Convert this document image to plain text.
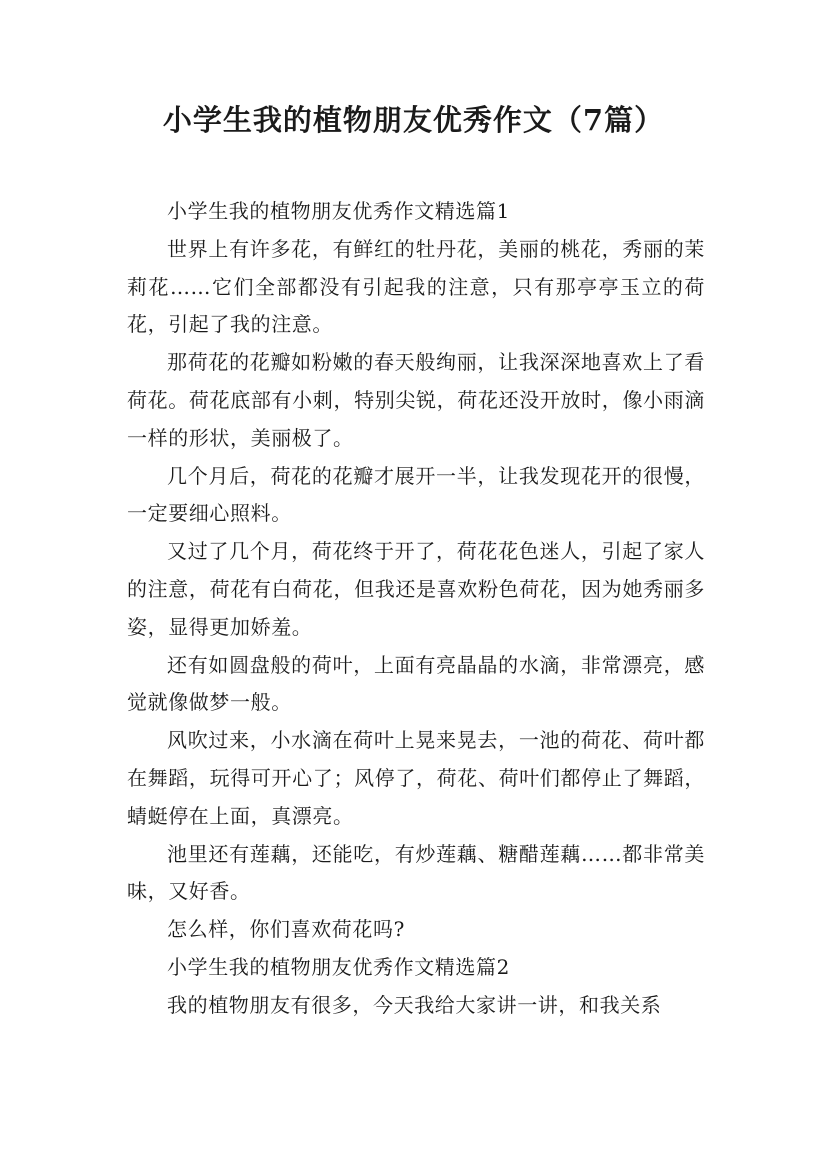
小学生我的植物朋友优秀作文（7篇）

小学生我的植物朋友优秀作文精选篇1

世界上有许多花，有鲜红的牡丹花，美丽的桃花，秀丽的茉莉花……它们全部都没有引起我的注意，只有那亭亭玉立的荷花，引起了我的注意。

那荷花的花瓣如粉嫩的春天般绚丽，让我深深地喜欢上了看荷花。荷花底部有小刺，特别尖锐，荷花还没开放时，像小雨滴一样的形状，美丽极了。

几个月后，荷花的花瓣才展开一半，让我发现花开的很慢，一定要细心照料。

又过了几个月，荷花终于开了，荷花花色迷人，引起了家人的注意，荷花有白荷花，但我还是喜欢粉色荷花，因为她秀丽多姿，显得更加娇羞。

还有如圆盘般的荷叶，上面有亮晶晶的水滴，非常漂亮，感觉就像做梦一般。

风吹过来，小水滴在荷叶上晃来晃去，一池的荷花、荷叶都在舞蹈，玩得可开心了；风停了，荷花、荷叶们都停止了舞蹈，蜻蜓停在上面，真漂亮。

池里还有莲藕，还能吃，有炒莲藕、糖醋莲藕……都非常美味，又好香。

怎么样，你们喜欢荷花吗?

小学生我的植物朋友优秀作文精选篇2

我的植物朋友有很多，今天我给大家讲一讲，和我关系
